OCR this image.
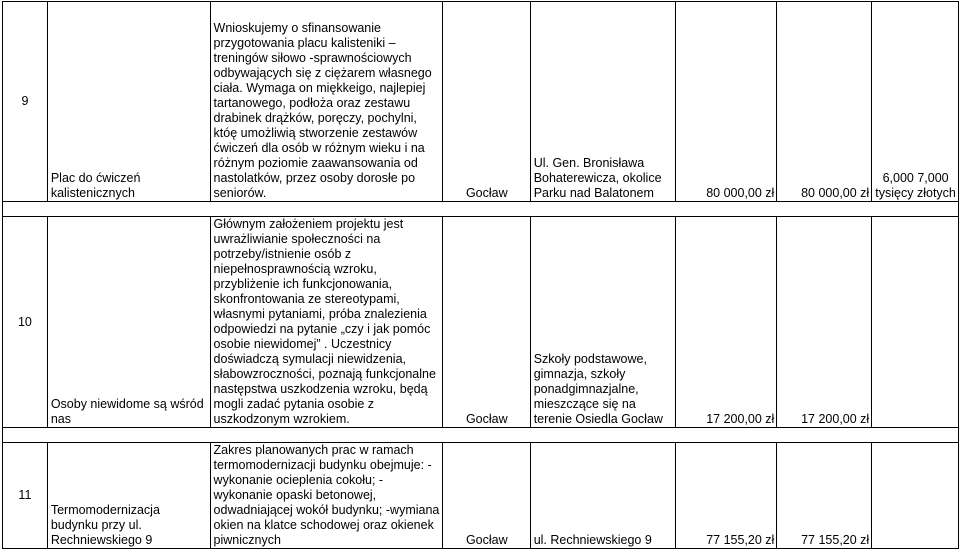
9	Plac do ćwiczeń kalistenicznych	Wnioskujemy o sfinansowanie przygotowania placu kalisteniki – treningów siłowo -sprawnościowych odbywających się z ciężarem własnego ciała. Wymaga on miękkeigo, najlepiej tartanowego, podłoża oraz zestawu drabinek drążków, poręczy, pochylni, któę umożliwią stworzenie zestawów ćwiczeń dla osób w różnym wieku i na różnym poziomie zaawansowania od nastolatków, przez osoby dorosłe po seniorów.	Gocław	Ul. Gen. Bronisława Bohaterewicza, okolice Parku nad Balatonem	80 000,00 zł	80 000,00 zł	6,000 7,000 tysięcy złotych

10	Osoby niewidome są wśród nas	Głównym założeniem projektu jest uwrażliwianie społeczności na potrzeby/istnienie osób z niepełnosprawnością wzroku, przybliżenie ich funkcjonowania, skonfrontowania ze stereotypami, własnymi pytaniami, próba znalezienia odpowiedzi na pytanie „czy i jak pomóc osobie niewidomej” . Uczestnicy doświadczą symulacji niewidzenia, słabowzroczności, poznają funkcjonalne następstwa uszkodzenia wzroku, będą mogli zadać pytania osobie z uszkodzonym wzrokiem.	Gocław	Szkoły podstawowe, gimnazja, szkoły ponadgimnazjalne, mieszczące się na terenie Osiedla Gocław	17 200,00 zł	17 200,00 zł	

11	Termomodernizacja budynku przy ul. Rechniewskiego 9	Zakres planowanych prac w ramach termomodernizacji budynku obejmuje: -wykonanie ocieplenia cokołu; -wykonanie opaski betonowej, odwadniającej wokół budynku; -wymiana okien na klatce schodowej oraz okienek piwnicznych	Gocław	ul. Rechniewskiego 9	77 155,20 zł	77 155,20 zł	
